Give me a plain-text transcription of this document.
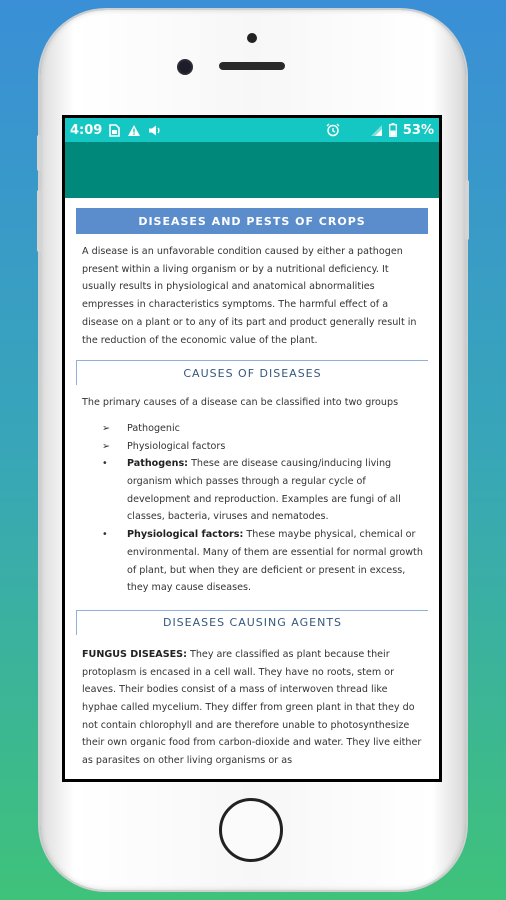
4:09	53%
DISEASES AND PESTS OF CROPS

A disease is an unfavorable condition caused by either a pathogen present within a living organism or by a nutritional deficiency. It usually results in physiological and anatomical abnormalities empresses in characteristics symptoms. The harmful effect of a disease on a plant or to any of its part and product generally result in the reduction of the economic value of the plant.

CAUSES OF DISEASES

The primary causes of a disease can be classified into two groups

➢ Pathogenic
➢ Physiological factors
• Pathogens: These are disease causing/inducing living organism which passes through a regular cycle of development and reproduction. Examples are fungi of all classes, bacteria, viruses and nematodes.
• Physiological factors: These maybe physical, chemical or environmental. Many of them are essential for normal growth of plant, but when they are deficient or present in excess, they may cause diseases.
DISEASES CAUSING AGENTS

FUNGUS DISEASES: They are classified as plant because their protoplasm is encased in a cell wall. They have no roots, stem or leaves. Their bodies consist of a mass of interwoven thread like hyphae called mycelium. They differ from green plant in that they do not contain chlorophyll and are therefore unable to photosynthesize their own organic food from carbon-dioxide and water. They live either as parasites on other living organisms or as
